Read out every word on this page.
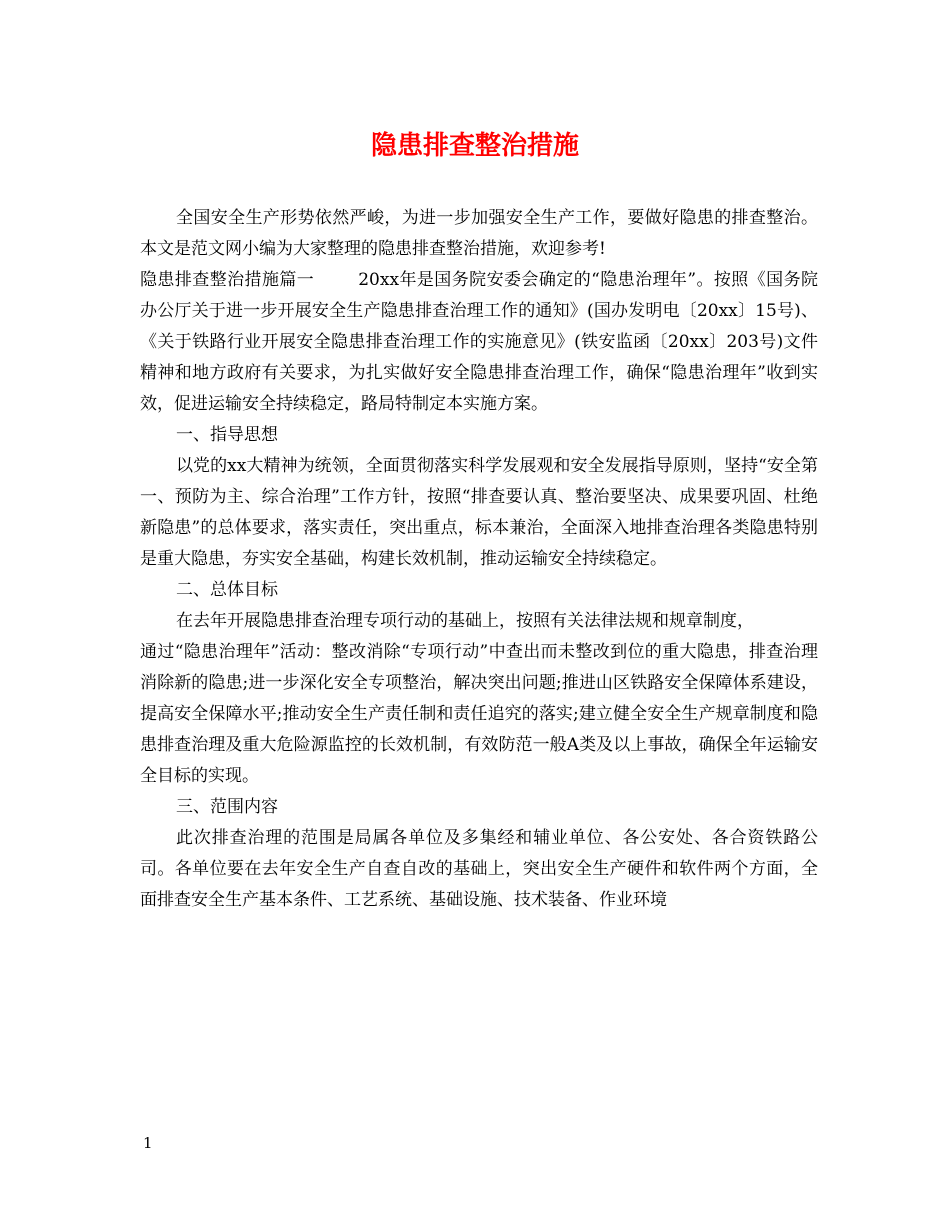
隐患排查整治措施

全国安全生产形势依然严峻，为进一步加强安全生产工作，要做好隐患的排查整治。本文是范文网小编为大家整理的隐患排查整治措施，欢迎参考!

隐患排查整治措施篇一	20xx年是国务院安委会确定的“隐患治理年”。按照《国务院办公厅关于进一步开展安全生产隐患排查治理工作的通知》(国办发明电〔20xx〕15号)、《关于铁路行业开展安全隐患排查治理工作的实施意见》(铁安监函〔20xx〕203号)文件精神和地方政府有关要求，为扎实做好安全隐患排查治理工作，确保“隐患治理年”收到实效，促进运输安全持续稳定，路局特制定本实施方案。

一、指导思想

以党的xx大精神为统领，全面贯彻落实科学发展观和安全发展指导原则，坚持“安全第一、预防为主、综合治理”工作方针，按照“排查要认真、整治要坚决、成果要巩固、杜绝新隐患”的总体要求，落实责任，突出重点，标本兼治，全面深入地排查治理各类隐患特别是重大隐患，夯实安全基础，构建长效机制，推动运输安全持续稳定。

二、总体目标

在去年开展隐患排查治理专项行动的基础上，按照有关法律法规和规章制度，

通过“隐患治理年”活动：整改消除“专项行动”中查出而未整改到位的重大隐患，排查治理消除新的隐患;进一步深化安全专项整治，解决突出问题;推进山区铁路安全保障体系建设，提高安全保障水平;推动安全生产责任制和责任追究的落实;建立健全安全生产规章制度和隐患排查治理及重大危险源监控的长效机制，有效防范一般A类及以上事故，确保全年运输安全目标的实现。

三、范围内容

此次排查治理的范围是局属各单位及多集经和辅业单位、各公安处、各合资铁路公司。各单位要在去年安全生产自查自改的基础上，突出安全生产硬件和软件两个方面，全面排查安全生产基本条件、工艺系统、基础设施、技术装备、作业环境

1
